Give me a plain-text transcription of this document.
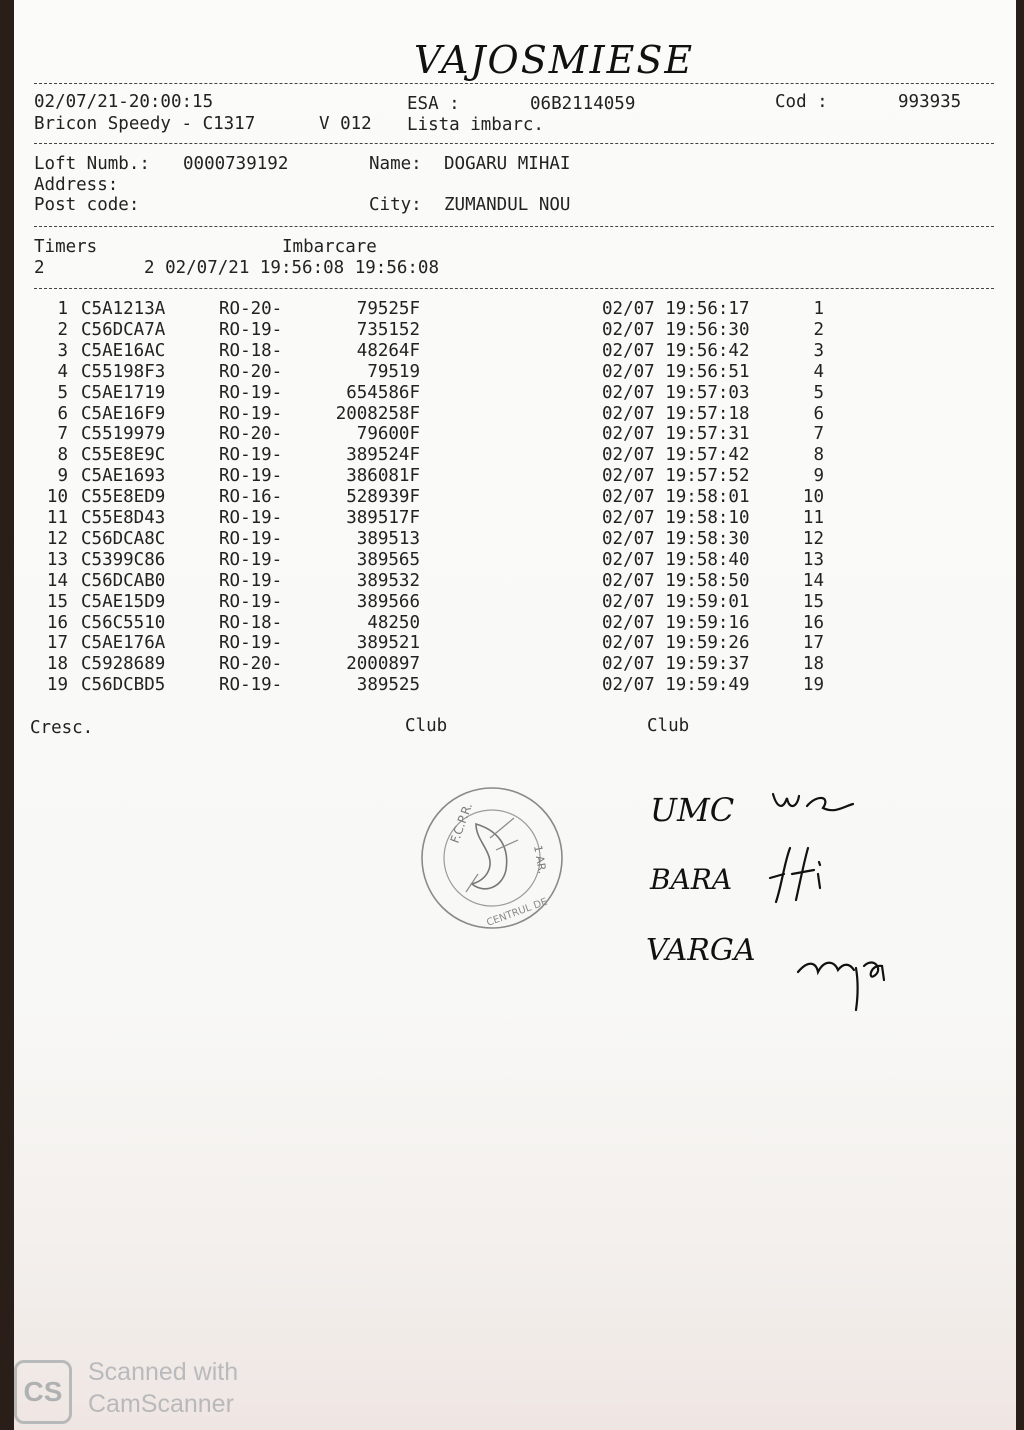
VAJOSMIESE
02/07/21-20:00:15	ESA :	06B2114059	Cod :	993935
Bricon Speedy - C1317	V 012 Lista imbarc.
Loft Numb.: 0000739192	Name: DOGARU MIHAI
Address:
Post code:	City: ZUMANDUL NOU
Timers	Imbarcare
2	2 02/07/21 19:56:08 19:56:08
1 C5A1213A	RO-20-	79525F	02/07 19:56:17	1
2 C56DCA7A	RO-19-	735152	02/07 19:56:30	2
3 C5AE16AC	RO-18-	48264F	02/07 19:56:42	3
4 C55198F3	RO-20-	79519	02/07 19:56:51	4
5 C5AE1719	RO-19-	654586F	02/07 19:57:03	5
6 C5AE16F9	RO-19-	2008258F	02/07 19:57:18	6
7 C5519979	RO-20-	79600F	02/07 19:57:31	7
8 C55E8E9C	RO-19-	389524F	02/07 19:57:42	8
9 C5AE1693	RO-19-	386081F	02/07 19:57:52	9
10 C55E8ED9	RO-16-	528939F	02/07 19:58:01	10
11 C55E8D43	RO-19-	389517F	02/07 19:58:10	11
12 C56DCA8C	RO-19-	389513	02/07 19:58:30	12
13 C5399C86	RO-19-	389565	02/07 19:58:40	13
14 C56DCAB0	RO-19-	389532	02/07 19:58:50	14
15 C5AE15D9	RO-19-	389566	02/07 19:59:01	15
16 C56C5510	RO-18-	48250	02/07 19:59:16	16
17 C5AE176A	RO-19-	389521	02/07 19:59:26	17
18 C5928689	RO-20-	2000897	02/07 19:59:37	18
19 C56DCBD5	RO-19-	389525	02/07 19:59:49	19
Cresc.	Club	Club
F.C.P.R.
1 AR.
CENTRUL DE
UMC
BARA
VARGA
CS
Scanned with
CamScanner
